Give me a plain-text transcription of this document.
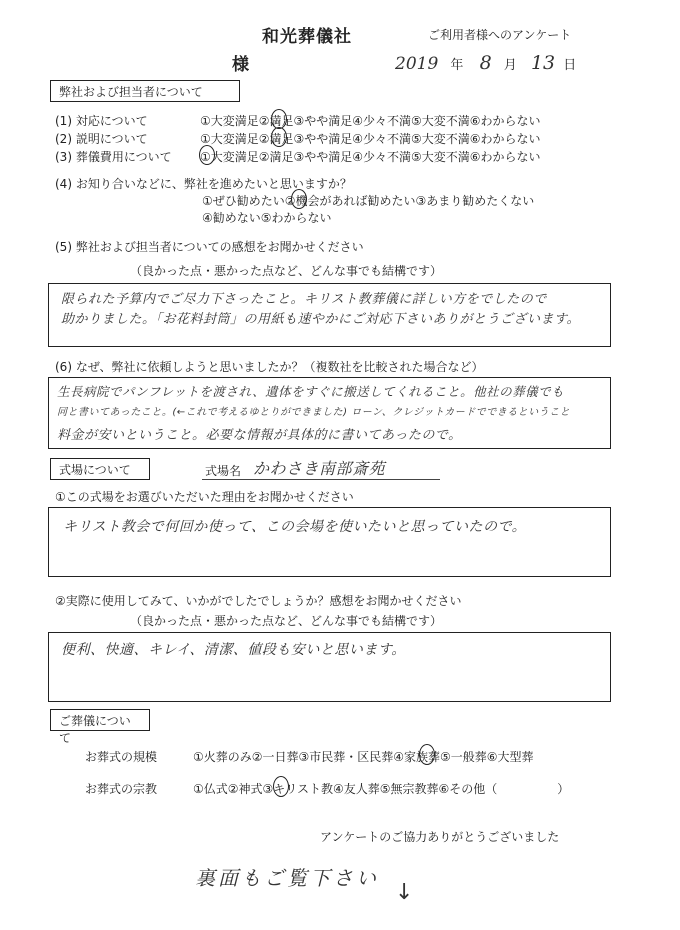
和光葬儀社	ご利用者様へのアンケート
様	2019 年 8 月 13 日
弊社および担当者について
(1) 対応について	①大変満足②満足③やや満足④少々不満⑤大変不満⑥わからない
(2) 説明について	①大変満足②満足③やや満足④少々不満⑤大変不満⑥わからない
(3) 葬儀費用について ①大変満足②満足③やや満足④少々不満⑤大変不満⑥わからない
(4) お知り合いなどに、弊社を進めたいと思いますか？
①ぜひ勧めたい②機会があれば勧めたい③あまり勧めたくない
④勧めない⑤わからない
(5) 弊社および担当者についての感想をお聞かせください
（良かった点・悪かった点など、どんな事でも結構です）
限られた予算内でご尽力下さったこと。キリスト教葬儀に詳しい方をでしたので
助かりました。「お花料封筒」の用紙も速やかにご対応下さいありがとうございます。
(6) なぜ、弊社に依頼しようと思いましたか？（複数社を比較された場合など）
生長病院でパンフレットを渡され、遺体をすぐに搬送してくれること。他社の葬儀でも
同と書いてあったこと。(←これで考えるゆとりができました) ローン、クレジットカードでできるということ
料金が安いということ。必要な情報が具体的に書いてあったので。
式場について	式場名 かわさき南部斎苑
①この式場をお選びいただいた理由をお聞かせください
キリスト教会で何回か使って、この会場を使いたいと思っていたので。
②実際に使用してみて、いかがでしたでしょうか？感想をお聞かせください
（良かった点・悪かった点など、どんな事でも結構です）
便利、快適、キレイ、清潔、値段も安いと思います。
ご葬儀について
お葬式の規模	①火葬のみ②一日葬③市民葬・区民葬④家族葬⑤一般葬⑥大型葬
お葬式の宗教	①仏式②神式③キリスト教④友人葬⑤無宗教葬⑥その他（　　　　　）
アンケートのご協力ありがとうございました
裏面もご覧下さい
↓
